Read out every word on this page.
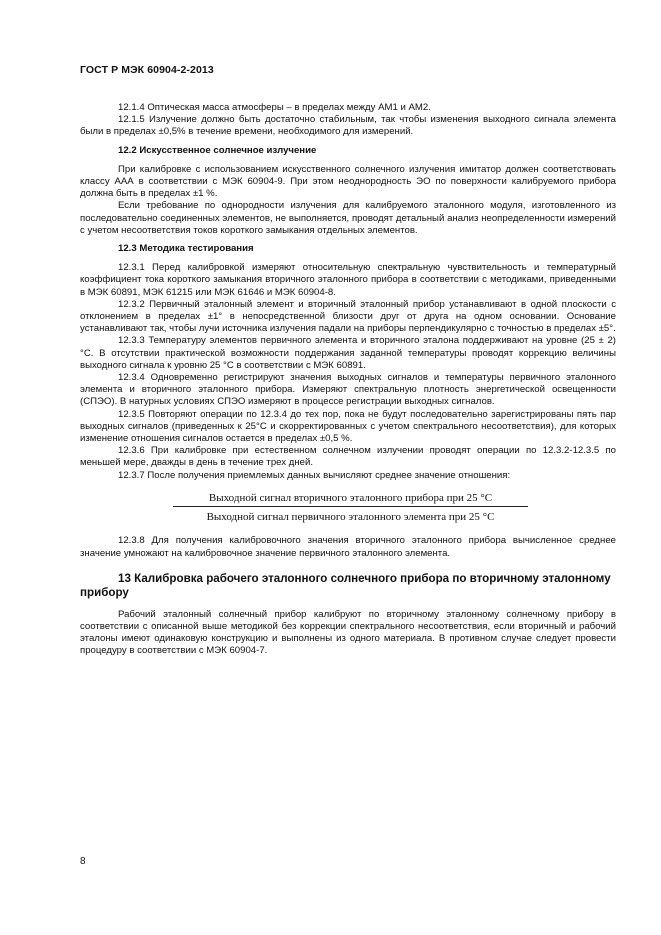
ГОСТ Р МЭК 60904-2-2013

12.1.4 Оптическая масса атмосферы – в пределах между АМ1 и АМ2.

12.1.5 Излучение должно быть достаточно стабильным, так чтобы изменения выходного сигнала элемента были в пределах ±0,5% в течение времени, необходимого для измерений.

12.2 Искусственное солнечное излучение

При калибровке с использованием искусственного солнечного излучения имитатор должен соответствовать классу ААА в соответствии с МЭК 60904-9. При этом неоднородность ЭО по поверхности калибруемого прибора должна быть в пределах ±1 %.

Если требование по однородности излучения для калибруемого эталонного модуля, изготовленного из последовательно соединенных элементов, не выполняется, проводят детальный анализ неопределенности измерений с учетом несоответствия токов короткого замыкания отдельных элементов.

12.3 Методика тестирования

12.3.1 Перед калибровкой измеряют относительную спектральную чувствительность и температурный коэффициент тока короткого замыкания вторичного эталонного прибора в соответствии с методиками, приведенными в МЭК 60891, МЭК 61215 или МЭК 61646 и МЭК 60904-8.

12.3.2 Первичный эталонный элемент и вторичный эталонный прибор устанавливают в одной плоскости с отклонением в пределах ±1° в непосредственной близости друг от друга на одном основании. Основание устанавливают так, чтобы лучи источника излучения падали на приборы перпендикулярно с точностью в пределах ±5°.

12.3.3 Температуру элементов первичного элемента и вторичного эталона поддерживают на уровне (25 ± 2)°С. В отсутствии практической возможности поддержания заданной температуры проводят коррекцию величины выходного сигнала к уровню 25 °С в соответствии с МЭК 60891.

12.3.4 Одновременно регистрируют значения выходных сигналов и температуры первичного эталонного элемента и вторичного эталонного прибора. Измеряют спектральную плотность энергетической освещенности (СПЭО). В натурных условиях СПЭО измеряют в процессе регистрации выходных сигналов.

12.3.5 Повторяют операции по 12.3.4 до тех пор, пока не будут последовательно зарегистрированы пять пар выходных сигналов (приведенных к 25°С и скорректированных с учетом спектрального несоответствия), для которых изменение отношения сигналов остается в пределах ±0,5 %.

12.3.6 При калибровке при естественном солнечном излучении проводят операции по 12.3.2-12.3.5 по меньшей мере, дважды в день в течение трех дней.

12.3.7 После получения приемлемых данных вычисляют среднее значение отношения:

Выходной сигнал вторичного эталонного прибора при 25 °С
Выходной сигнал первичного эталонного элемента при 25 °С

12.3.8 Для получения калибровочного значения вторичного эталонного прибора вычисленное среднее значение умножают на калибровочное значение первичного эталонного элемента.

13 Калибровка рабочего эталонного солнечного прибора по вторичному эталонному прибору

Рабочий эталонный солнечный прибор калибруют по вторичному эталонному солнечному прибору в соответствии с описанной выше методикой без коррекции спектрального несоответствия, если вторичный и рабочий эталоны имеют одинаковую конструкцию и выполнены из одного материала. В противном случае следует провести процедуру в соответствии с МЭК 60904-7.

8
